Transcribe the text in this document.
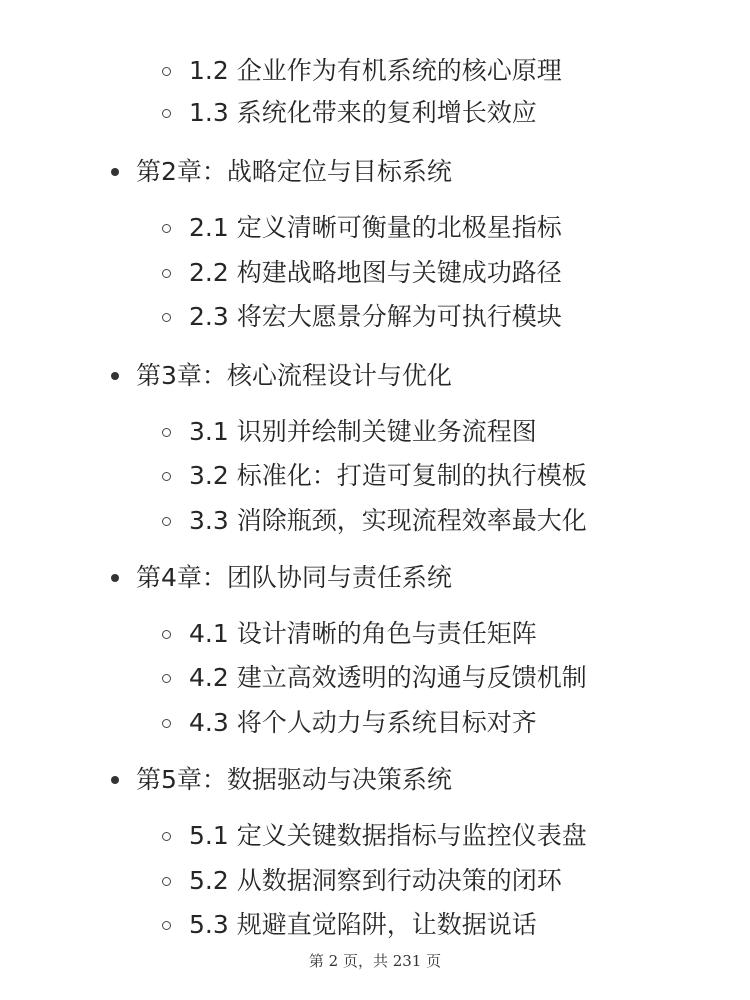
1.2 企业作为有机系统的核心原理
1.3 系统化带来的复利增长效应
第2章：战略定位与目标系统
2.1 定义清晰可衡量的北极星指标
2.2 构建战略地图与关键成功路径
2.3 将宏大愿景分解为可执行模块
第3章：核心流程设计与优化
3.1 识别并绘制关键业务流程图
3.2 标准化：打造可复制的执行模板
3.3 消除瓶颈，实现流程效率最大化
第4章：团队协同与责任系统
4.1 设计清晰的角色与责任矩阵
4.2 建立高效透明的沟通与反馈机制
4.3 将个人动力与系统目标对齐
第5章：数据驱动与决策系统
5.1 定义关键数据指标与监控仪表盘
5.2 从数据洞察到行动决策的闭环
5.3 规避直觉陷阱，让数据说话
第 2 页，共 231 页
